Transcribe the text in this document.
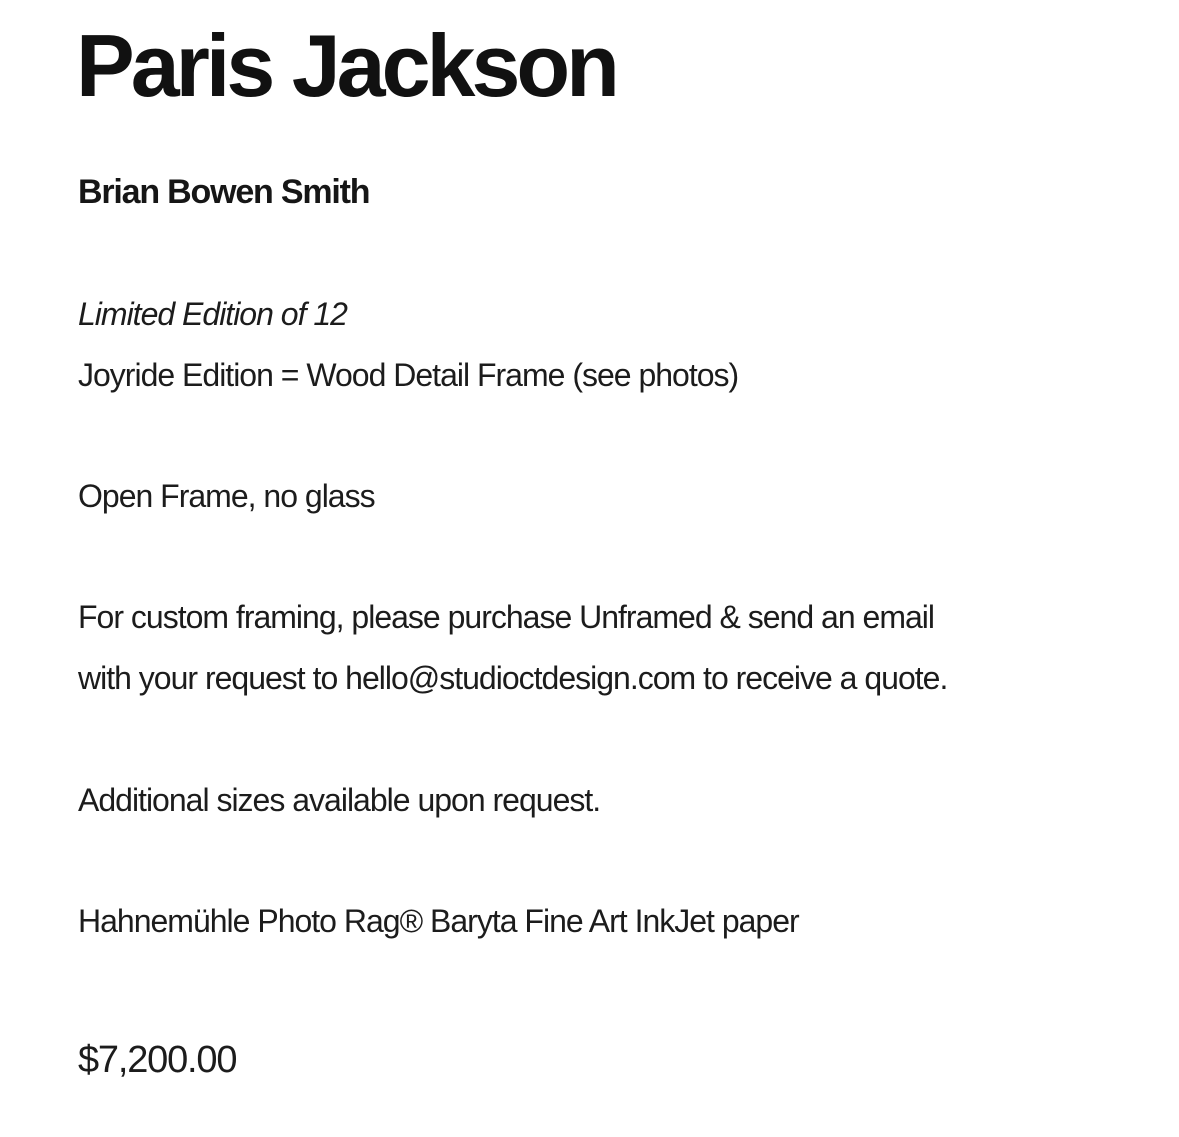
Paris Jackson
Brian Bowen Smith

Limited Edition of 12

Joyride Edition = Wood Detail Frame (see photos)

Open Frame, no glass

For custom framing, please purchase Unframed & send an email

with your request to hello@studioctdesign.com to receive a quote.

Additional sizes available upon request.

Hahnemühle Photo Rag® Baryta Fine Art InkJet paper

$7,200.00
